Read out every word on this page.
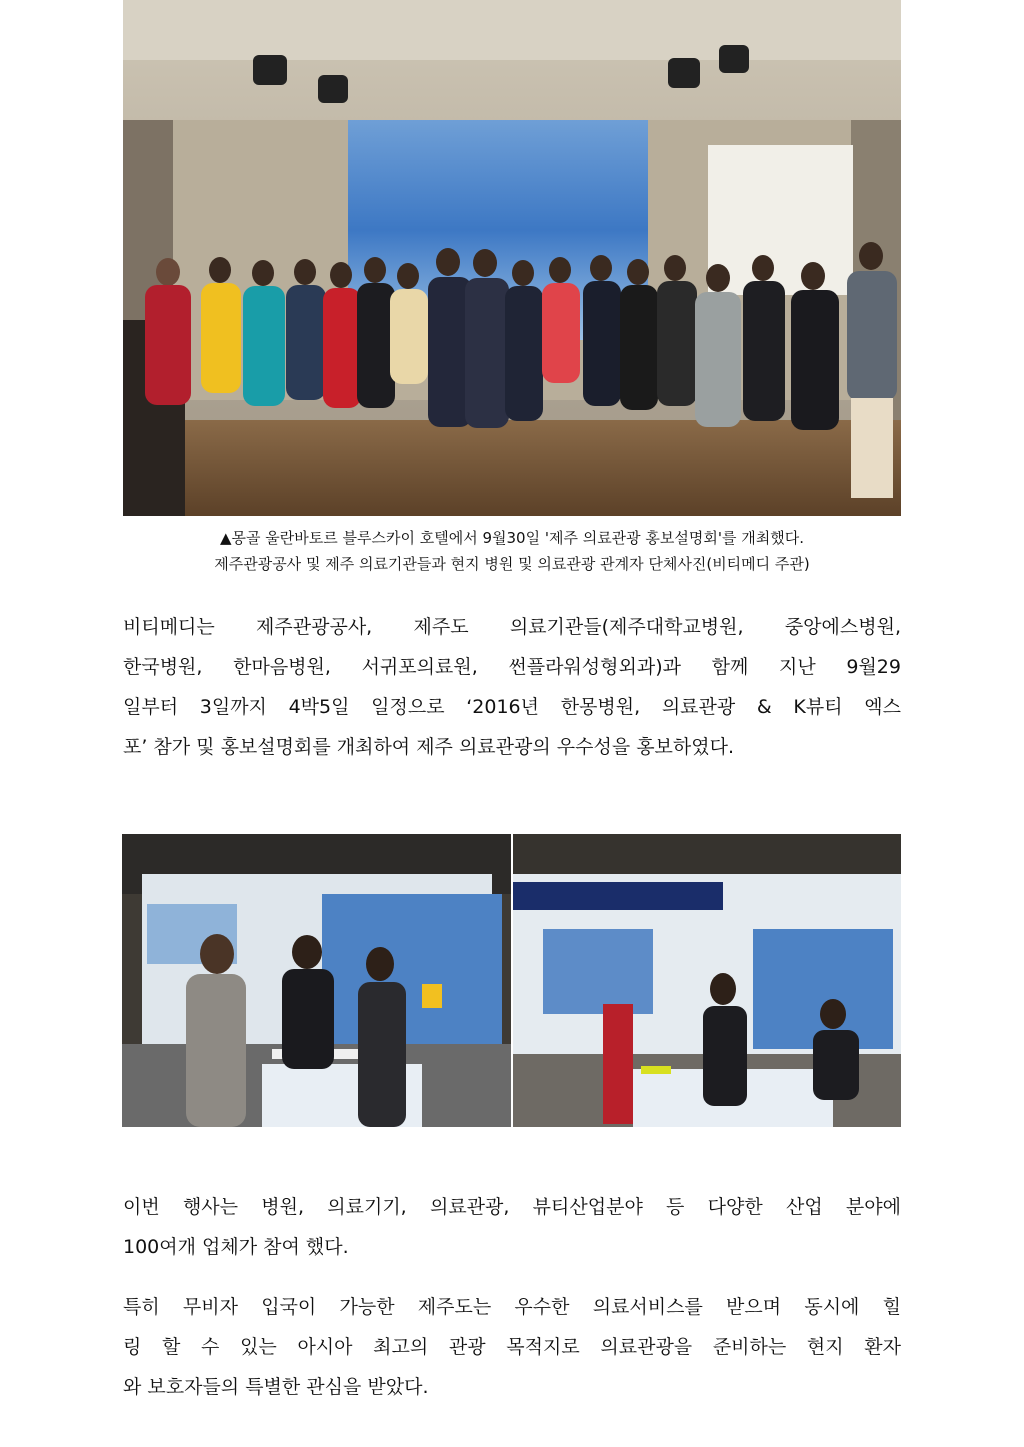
▲몽골 울란바토르 블루스카이 호텔에서 9월30일 '제주 의료관광 홍보설명회'를 개최했다.
제주관광공사 및 제주 의료기관들과 현지 병원 및 의료관광 관계자 단체사진(비티메디 주관)
비티메디는 제주관광공사, 제주도 의료기관들(제주대학교병원, 중앙에스병원,
한국병원, 한마음병원, 서귀포의료원, 썬플라워성형외과)과 함께 지난 9월29
일부터 3일까지 4박5일 일정으로 ‘2016년 한몽병원, 의료관광 & K뷰티 엑스
포’ 참가 및 홍보설명회를 개최하여 제주 의료관광의 우수성을 홍보하였다.
이번 행사는 병원, 의료기기, 의료관광, 뷰티산업분야 등 다양한 산업 분야에
100여개 업체가 참여 했다.
특히 무비자 입국이 가능한 제주도는 우수한 의료서비스를 받으며 동시에 힐
링 할 수 있는 아시아 최고의 관광 목적지로 의료관광을 준비하는 현지 환자
와 보호자들의 특별한 관심을 받았다.
